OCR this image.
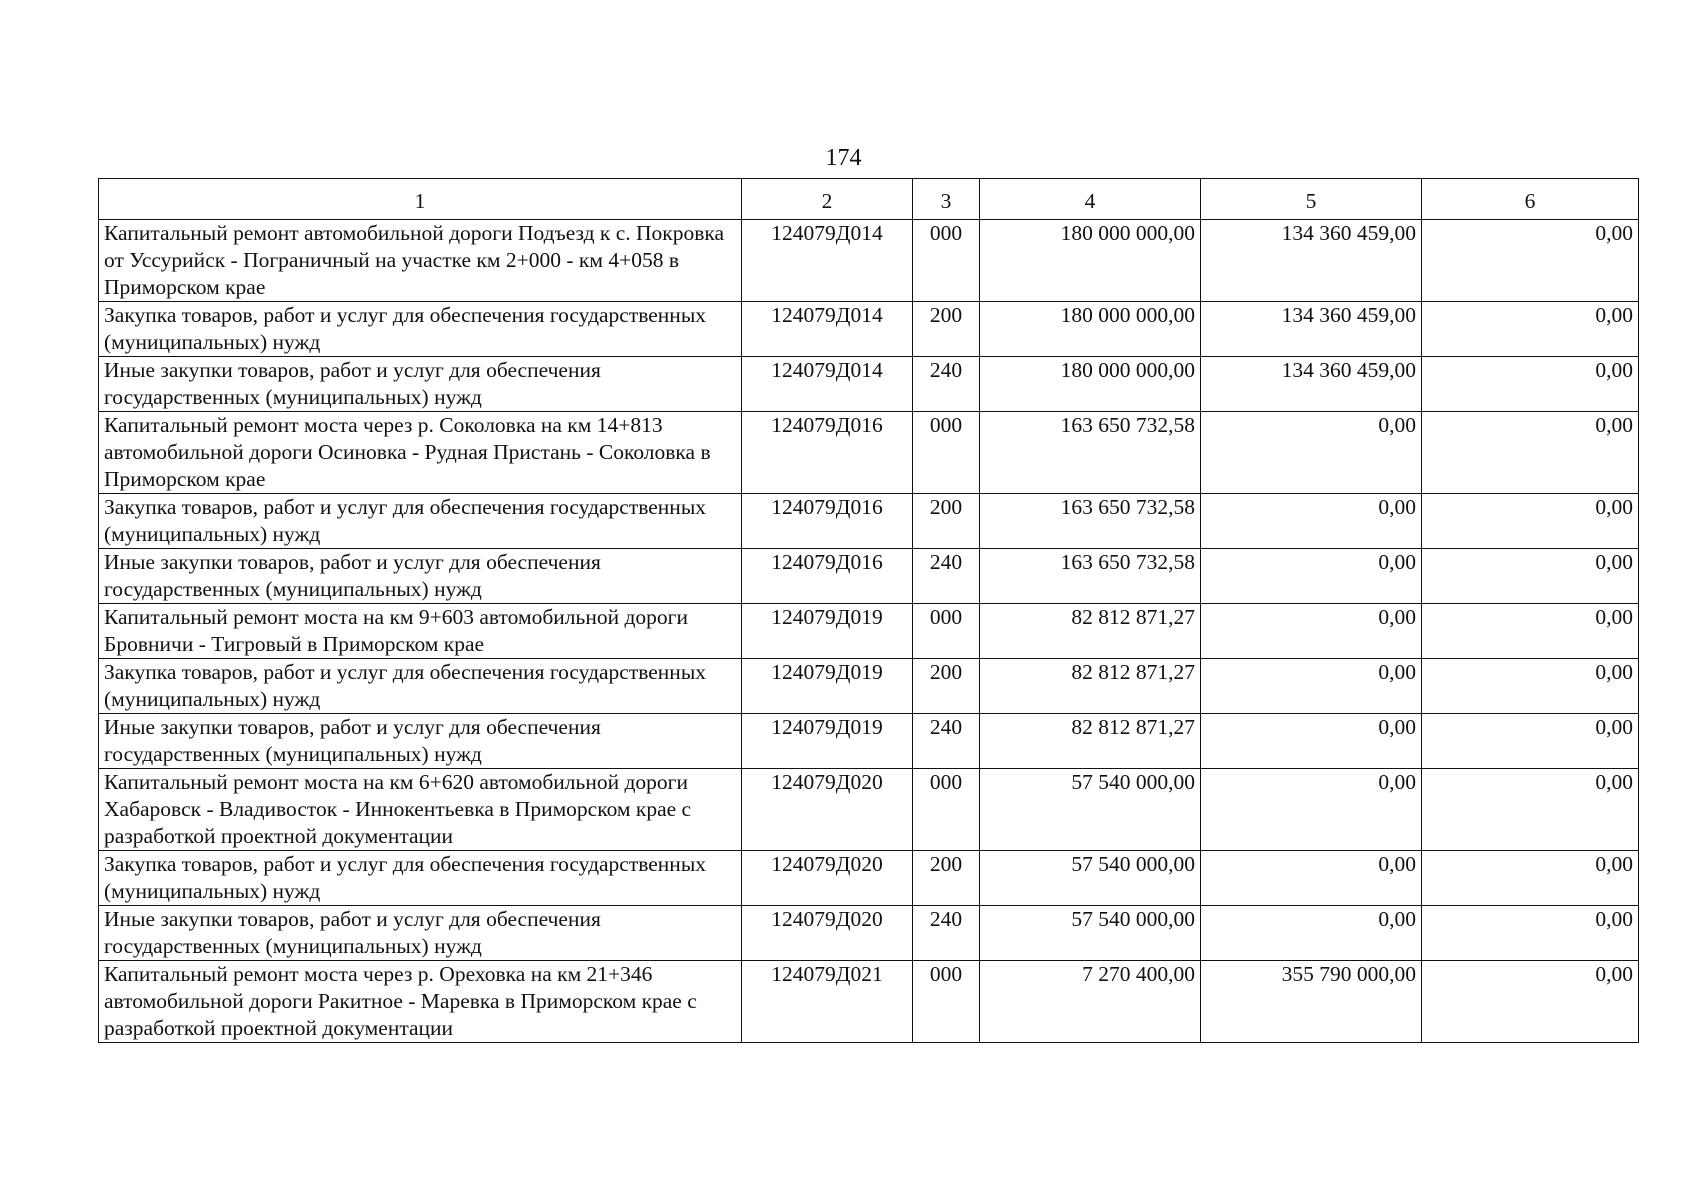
174
1	2	3	4	5	6
Капитальный ремонт автомобильной дороги Подъезд к с. Покровка от Уссурийск - Пограничный на участке км 2+000 - км 4+058 в Приморском крае	124079Д014	000	180 000 000,00	134 360 459,00	0,00
Закупка товаров, работ и услуг для обеспечения государственных (муниципальных) нужд	124079Д014	200	180 000 000,00	134 360 459,00	0,00
Иные закупки товаров, работ и услуг для обеспечения государственных (муниципальных) нужд	124079Д014	240	180 000 000,00	134 360 459,00	0,00
Капитальный ремонт моста через р. Соколовка на км 14+813 автомобильной дороги Осиновка - Рудная Пристань - Соколовка в Приморском крае	124079Д016	000	163 650 732,58	0,00	0,00
Закупка товаров, работ и услуг для обеспечения государственных (муниципальных) нужд	124079Д016	200	163 650 732,58	0,00	0,00
Иные закупки товаров, работ и услуг для обеспечения государственных (муниципальных) нужд	124079Д016	240	163 650 732,58	0,00	0,00
Капитальный ремонт моста на км 9+603 автомобильной дороги Бровничи - Тигровый в Приморском крае	124079Д019	000	82 812 871,27	0,00	0,00
Закупка товаров, работ и услуг для обеспечения государственных (муниципальных) нужд	124079Д019	200	82 812 871,27	0,00	0,00
Иные закупки товаров, работ и услуг для обеспечения государственных (муниципальных) нужд	124079Д019	240	82 812 871,27	0,00	0,00
Капитальный ремонт моста на км 6+620 автомобильной дороги Хабаровск - Владивосток - Иннокентьевка в Приморском крае с разработкой проектной документации	124079Д020	000	57 540 000,00	0,00	0,00
Закупка товаров, работ и услуг для обеспечения государственных (муниципальных) нужд	124079Д020	200	57 540 000,00	0,00	0,00
Иные закупки товаров, работ и услуг для обеспечения государственных (муниципальных) нужд	124079Д020	240	57 540 000,00	0,00	0,00
Капитальный ремонт моста через р. Ореховка на км 21+346 автомобильной дороги Ракитное - Маревка в Приморском крае с разработкой проектной документации	124079Д021	000	7 270 400,00	355 790 000,00	0,00
